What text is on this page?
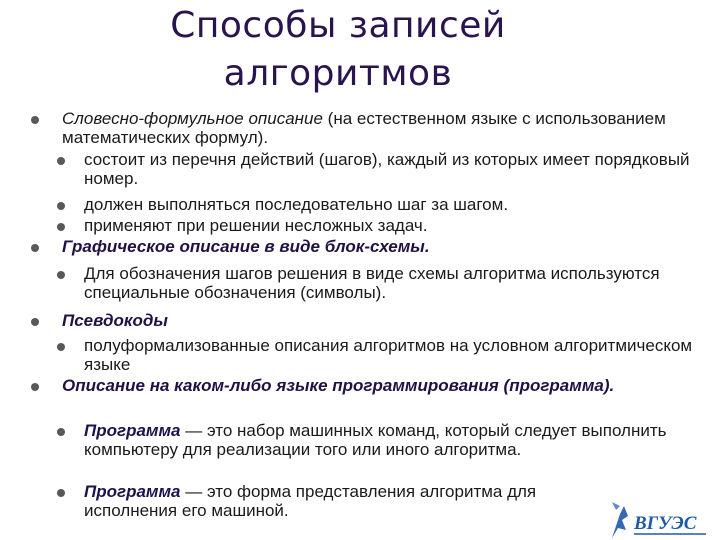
Способы записей
алгоритмов
Словесно-формульное описание (на естественном языке с использованием математических формул).
состоит из перечня действий (шагов), каждый из которых имеет порядковый номер.
должен выполняться последовательно шаг за шагом.
применяют при решении несложных задач.
Графическое описание в виде блок-схемы.
Для обозначения шагов решения в виде схемы алгоритма используются специальные обозначения (символы).
Псевдокоды
полуформализованные описания алгоритмов на условном алгоритмическом языке
Описание на каком-либо языке программирования (программа).
Программа — это набор машинных команд, который следует выполнить компьютеру для реализации того или иного алгоритма.
Программа — это форма представления алгоритма для исполнения его машиной.
ВГУЭС
